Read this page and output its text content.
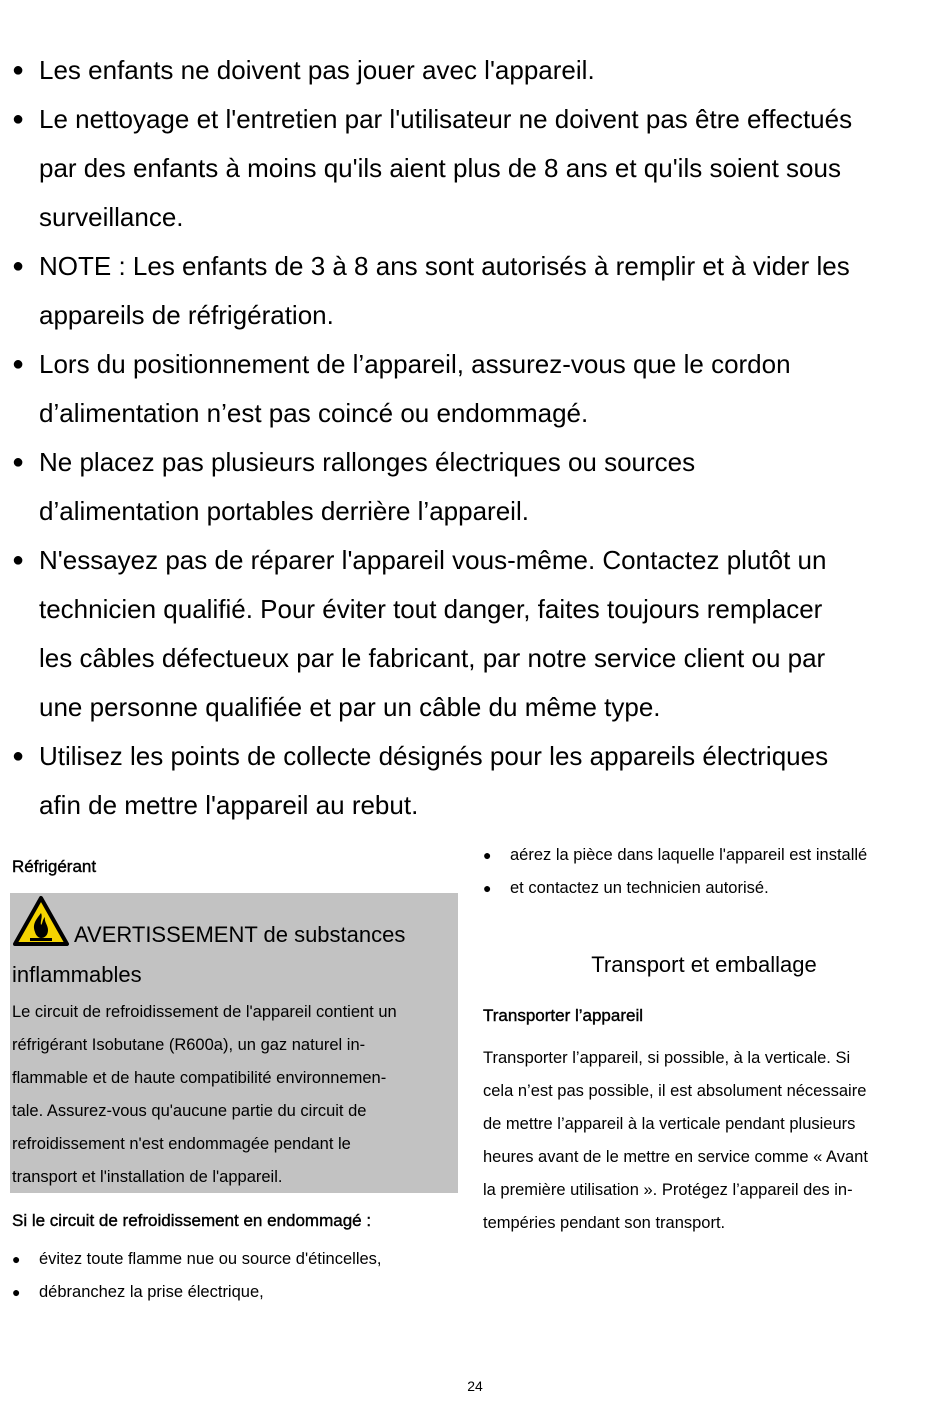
● Les enfants ne doivent pas jouer avec l'appareil.
● Le nettoyage et l'entretien par l'utilisateur ne doivent pas être effectués
par des enfants à moins qu'ils aient plus de 8 ans et qu'ils soient sous
surveillance.
● NOTE : Les enfants de 3 à 8 ans sont autorisés à remplir et à vider les
appareils de réfrigération.
● Lors du positionnement de l’appareil, assurez-vous que le cordon
d’alimentation n’est pas coincé ou endommagé.
● Ne placez pas plusieurs rallonges électriques ou sources
d’alimentation portables derrière l’appareil.
● N'essayez pas de réparer l'appareil vous-même. Contactez plutôt un
technicien qualifié. Pour éviter tout danger, faites toujours remplacer
les câbles défectueux par le fabricant, par notre service client ou par
une personne qualifiée et par un câble du même type.
● Utilisez les points de collecte désignés pour les appareils électriques
afin de mettre l'appareil au rebut.
Réfrigérant
AVERTISSEMENT de substances
inflammables

Le circuit de refroidissement de l'appareil contient un
réfrigérant Isobutane (R600a), un gaz naturel in-
flammable et de haute compatibilité environnemen-
tale. Assurez-vous qu'aucune partie du circuit de
refroidissement n'est endommagée pendant le
transport et l'installation de l'appareil.

Si le circuit de refroidissement en endommagé :
● évitez toute flamme nue ou source d'étincelles,
● débranchez la prise électrique,
● aérez la pièce dans laquelle l'appareil est installé
● et contactez un technicien autorisé.
Transport et emballage
Transporter l’appareil

Transporter l’appareil, si possible, à la verticale. Si
cela n’est pas possible, il est absolument nécessaire
de mettre l’appareil à la verticale pendant plusieurs
heures avant de le mettre en service comme « Avant
la première utilisation ». Protégez l’appareil des in-
tempéries pendant son transport.

24
